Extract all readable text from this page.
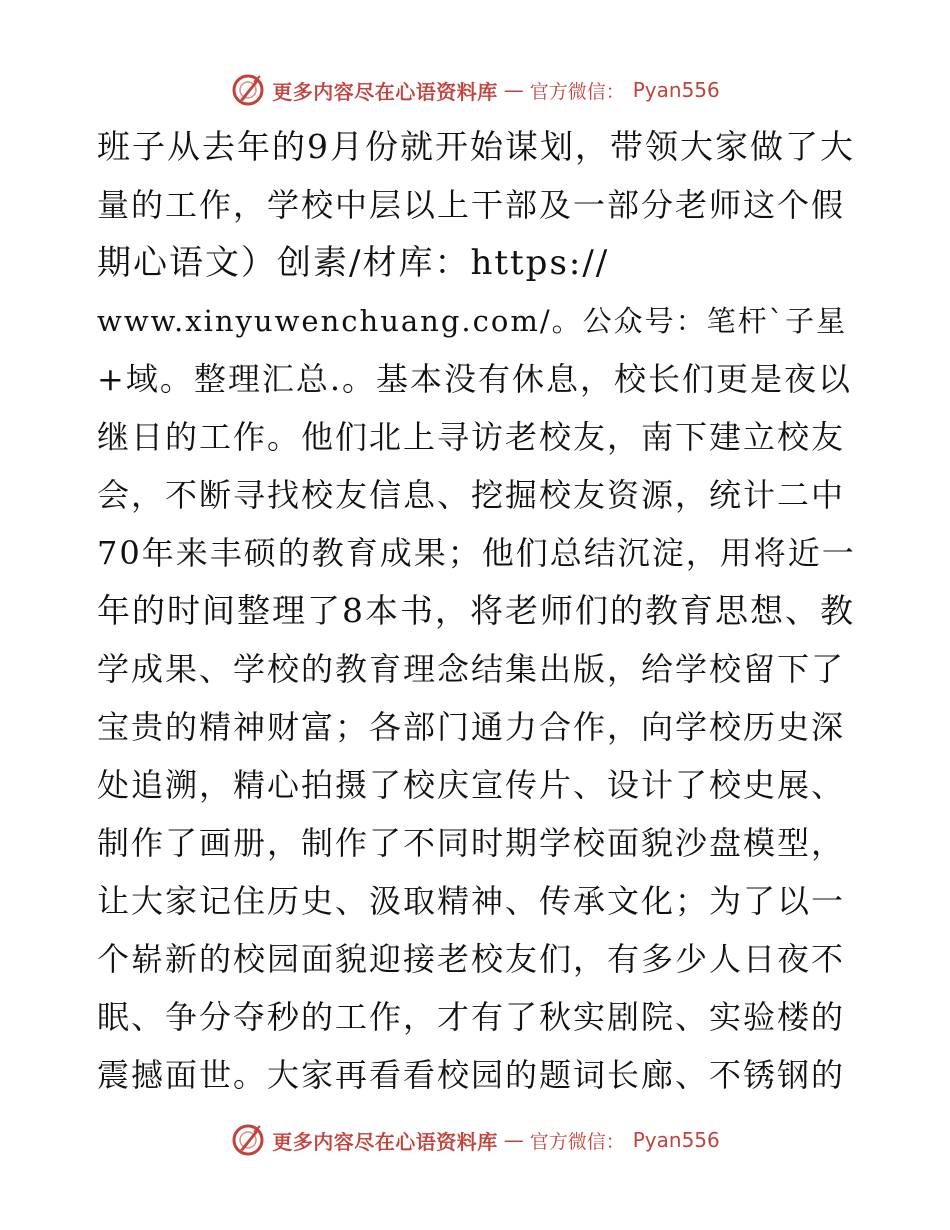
更多内容尽在心语资料库 — 官方微信： Pyan556
班子从去年的9月份就开始谋划，带领大家做了大
量的工作，学校中层以上干部及一部分老师这个假
期心语文）创素/材库：https://
www.xinyuwenchuang.com/。公众号：笔杆`子星
+域。整理汇总.。基本没有休息，校长们更是夜以
继日的工作。他们北上寻访老校友，南下建立校友
会，不断寻找校友信息、挖掘校友资源，统计二中
70年来丰硕的教育成果；他们总结沉淀，用将近一
年的时间整理了8本书，将老师们的教育思想、教
学成果、学校的教育理念结集出版，给学校留下了
宝贵的精神财富；各部门通力合作，向学校历史深
处追溯，精心拍摄了校庆宣传片、设计了校史展、
制作了画册，制作了不同时期学校面貌沙盘模型，
让大家记住历史、汲取精神、传承文化；为了以一
个崭新的校园面貌迎接老校友们，有多少人日夜不
眠、争分夺秒的工作，才有了秋实剧院、实验楼的
震撼面世。大家再看看校园的题词长廊、不锈钢的
更多内容尽在心语资料库 — 官方微信： Pyan556
